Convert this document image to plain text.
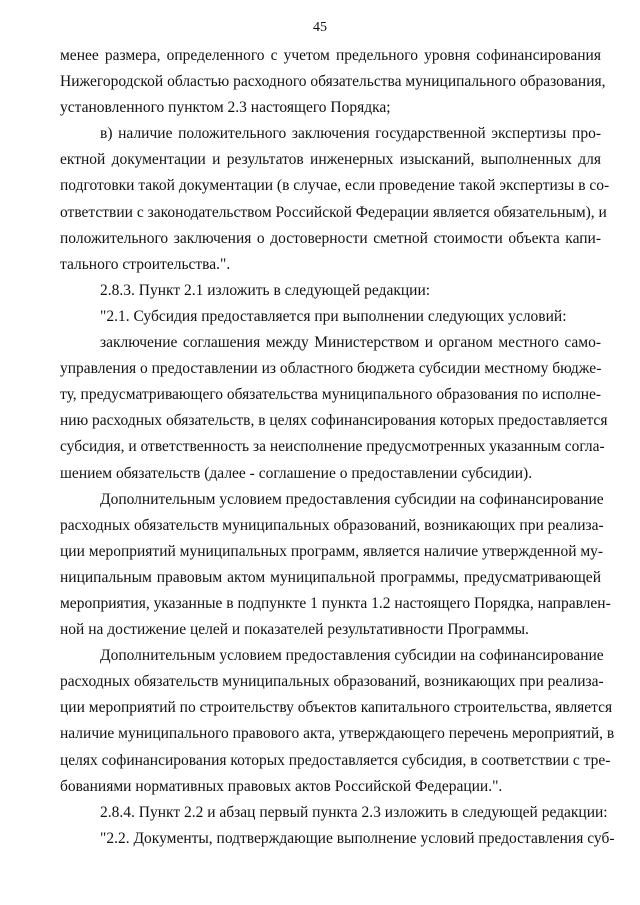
45
менее размера, определенного с учетом предельного уровня софинансирования
Нижегородской областью расходного обязательства муниципального образования,
установленного пунктом 2.3 настоящего Порядка;
в) наличие положительного заключения государственной экспертизы про-
ектной документации и результатов инженерных изысканий, выполненных для
подготовки такой документации (в случае, если проведение такой экспертизы в со-
ответствии с законодательством Российской Федерации является обязательным), и
положительного заключения о достоверности сметной стоимости объекта капи-
тального строительства.".
2.8.3. Пункт 2.1 изложить в следующей редакции:
"2.1. Субсидия предоставляется при выполнении следующих условий:
заключение соглашения между Министерством и органом местного само-
управления о предоставлении из областного бюджета субсидии местному бюдже-
ту, предусматривающего обязательства муниципального образования по исполне-
нию расходных обязательств, в целях софинансирования которых предоставляется
субсидия, и ответственность за неисполнение предусмотренных указанным согла-
шением обязательств (далее - соглашение о предоставлении субсидии).
Дополнительным условием предоставления субсидии на софинансирование
расходных обязательств муниципальных образований, возникающих при реализа-
ции мероприятий муниципальных программ, является наличие утвержденной му-
ниципальным правовым актом муниципальной программы, предусматривающей
мероприятия, указанные в подпункте 1 пункта 1.2 настоящего Порядка, направлен-
ной на достижение целей и показателей результативности Программы.
Дополнительным условием предоставления субсидии на софинансирование
расходных обязательств муниципальных образований, возникающих при реализа-
ции мероприятий по строительству объектов капитального строительства, является
наличие муниципального правового акта, утверждающего перечень мероприятий, в
целях софинансирования которых предоставляется субсидия, в соответствии с тре-
бованиями нормативных правовых актов Российской Федерации.".
2.8.4. Пункт 2.2 и абзац первый пункта 2.3 изложить в следующей редакции:
"2.2. Документы, подтверждающие выполнение условий предоставления суб-
